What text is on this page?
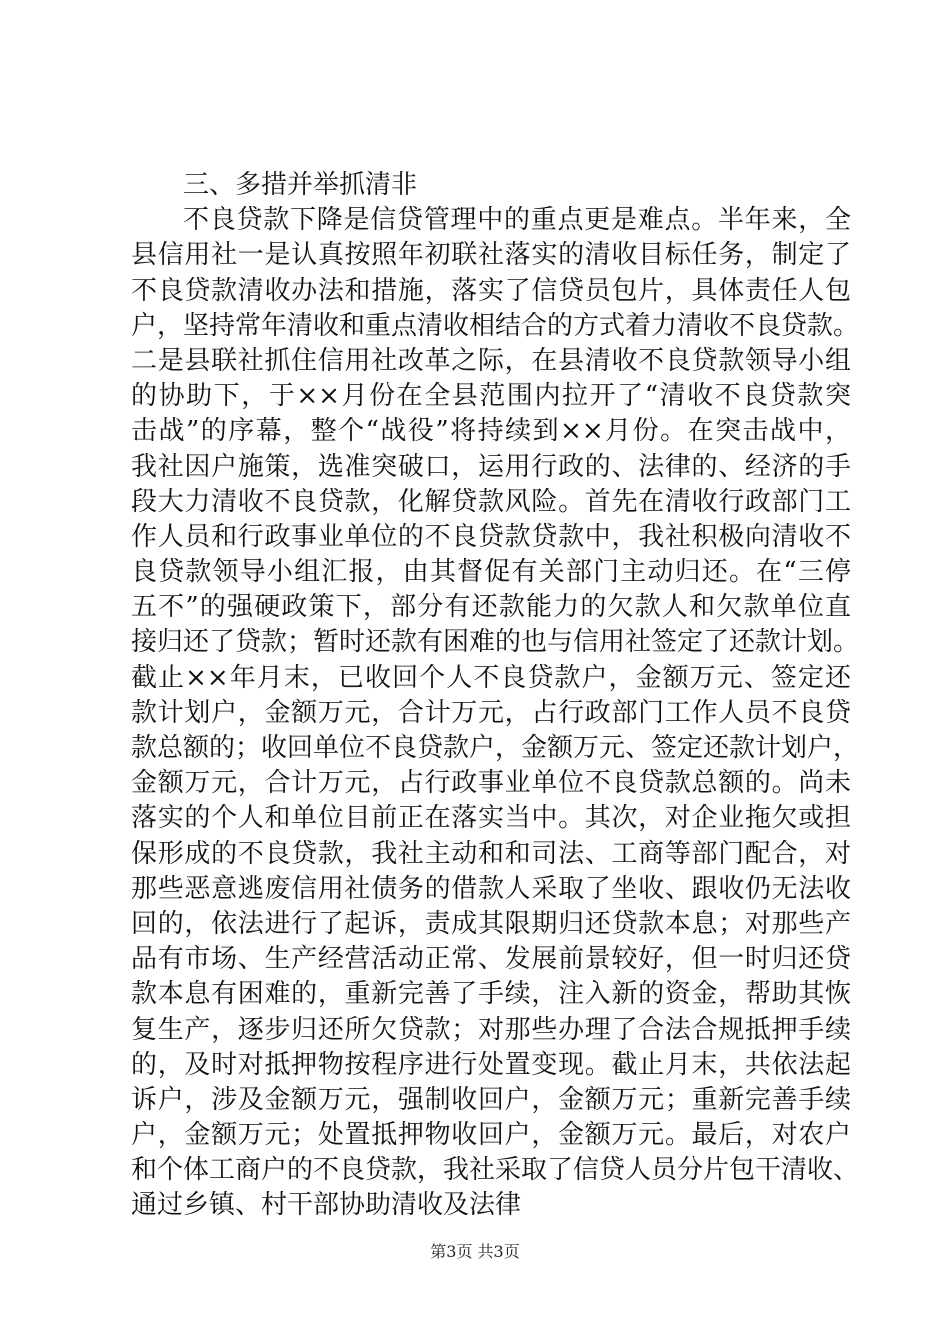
三、多措并举抓清非
不良贷款下降是信贷管理中的重点更是难点。半年来，全
县信用社一是认真按照年初联社落实的清收目标任务，制定了
不良贷款清收办法和措施，落实了信贷员包片，具体责任人包
户，坚持常年清收和重点清收相结合的方式着力清收不良贷款。
二是县联社抓住信用社改革之际，在县清收不良贷款领导小组
的协助下，于××月份在全县范围内拉开了“清收不良贷款突
击战”的序幕，整个“战役”将持续到××月份。在突击战中，
我社因户施策，选准突破口，运用行政的、法律的、经济的手
段大力清收不良贷款，化解贷款风险。首先在清收行政部门工
作人员和行政事业单位的不良贷款贷款中，我社积极向清收不
良贷款领导小组汇报，由其督促有关部门主动归还。在“三停
五不”的强硬政策下，部分有还款能力的欠款人和欠款单位直
接归还了贷款；暂时还款有困难的也与信用社签定了还款计划。
截止××年月末，已收回个人不良贷款户，金额万元、签定还
款计划户，金额万元，合计万元，占行政部门工作人员不良贷
款总额的；收回单位不良贷款户，金额万元、签定还款计划户，
金额万元，合计万元，占行政事业单位不良贷款总额的。尚未
落实的个人和单位目前正在落实当中。其次，对企业拖欠或担
保形成的不良贷款，我社主动和和司法、工商等部门配合，对
那些恶意逃废信用社债务的借款人采取了坐收、跟收仍无法收
回的，依法进行了起诉，责成其限期归还贷款本息；对那些产
品有市场、生产经营活动正常、发展前景较好，但一时归还贷
款本息有困难的，重新完善了手续，注入新的资金，帮助其恢
复生产，逐步归还所欠贷款；对那些办理了合法合规抵押手续
的，及时对抵押物按程序进行处置变现。截止月末，共依法起
诉户，涉及金额万元，强制收回户，金额万元；重新完善手续
户，金额万元；处置抵押物收回户，金额万元。最后，对农户
和个体工商户的不良贷款，我社采取了信贷人员分片包干清收、
通过乡镇、村干部协助清收及法律
第3页 共3页
